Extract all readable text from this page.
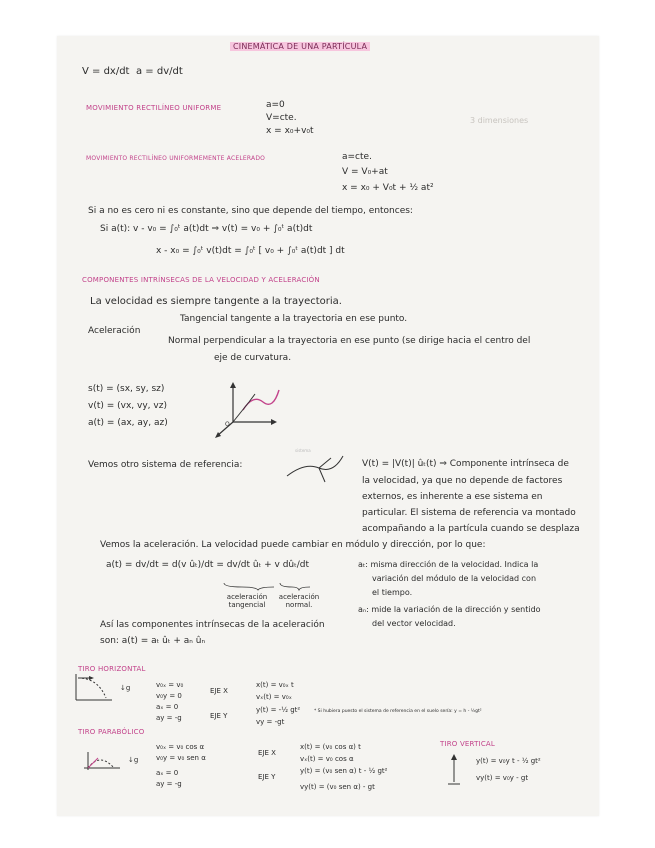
CINEMÁTICA DE UNA PARTÍCULA
V = dx/dt a = dv/dt
3 dimensiones
MOVIMIENTO RECTILÍNEO UNIFORME	a=0
V=cte.
x = x₀+v₀t
MOVIMIENTO RECTILÍNEO UNIFORMEMENTE ACELERADO	a=cte.
V = V₀+at
x = x₀ + V₀t + ½ at²
Si a no es cero ni es constante, sino que depende del tiempo, entonces:
Si a(t): v - v₀ = ∫₀ᵗ a(t)dt ⇒ v(t) = v₀ + ∫₀ᵗ a(t)dt
x - x₀ = ∫₀ᵗ v(t)dt = ∫₀ᵗ [ v₀ + ∫₀ᵗ a(t)dt ] dt
COMPONENTES INTRÍNSECAS DE LA VELOCIDAD Y ACELERACIÓN
La velocidad es siempre tangente a la trayectoria.
Aceleración
Tangencial tangente a la trayectoria en ese punto.
Normal perpendicular a la trayectoria en ese punto (se dirige hacia el centro del
eje de curvatura.
s(t) = (sx, sy, sz)
v(t) = (vx, vy, vz)
a(t) = (ax, ay, az)	O
Vemos otro sistema de referencia:
sistema
V(t) = |V(t)| ûₜ(t) ⇒ Componente intrínseca de
la velocidad, ya que no depende de factores
externos, es inherente a ese sistema en
particular. El sistema de referencia va montado
acompañando a la partícula cuando se desplaza
Vemos la aceleración. La velocidad puede cambiar en módulo y dirección, por lo que:
a(t) = dv/dt = d(v ûₜ)/dt = dv/dt ûₜ + v dûₜ/dt
aceleración tangencial
aceleración normal.
aₜ: misma dirección de la velocidad. Indica la
variación del módulo de la velocidad con
el tiempo.
aₙ: mide la variación de la dirección y sentido
del vector velocidad.
Así las componentes intrínsecas de la aceleración
son: a(t) = aₜ ûₜ + aₙ ûₙ
TIRO HORIZONTAL
↓g	v₀ₓ = v₀
v₀y = 0
aₓ = 0
ay = -g
EJE X
x(t) = v₀ₓ t
vₓ(t) = v₀ₓ
EJE Y
y(t) = -½ gt²
vy = -gt
* Si hubiera puesto el sistema de referencia en el suelo sería: y = h - ½gt²
TIRO PARABÓLICO
↓g
v₀ₓ = v₀ cos α
v₀y = v₀ sen α
aₓ = 0
ay = -g
EJE X
x(t) = (v₀ cos α) t
vₓ(t) = v₀ cos α
EJE Y
y(t) = (v₀ sen α) t - ½ gt²
vy(t) = (v₀ sen α) - gt
TIRO VERTICAL
y(t) = v₀y t - ½ gt²
vy(t) = v₀y - gt
